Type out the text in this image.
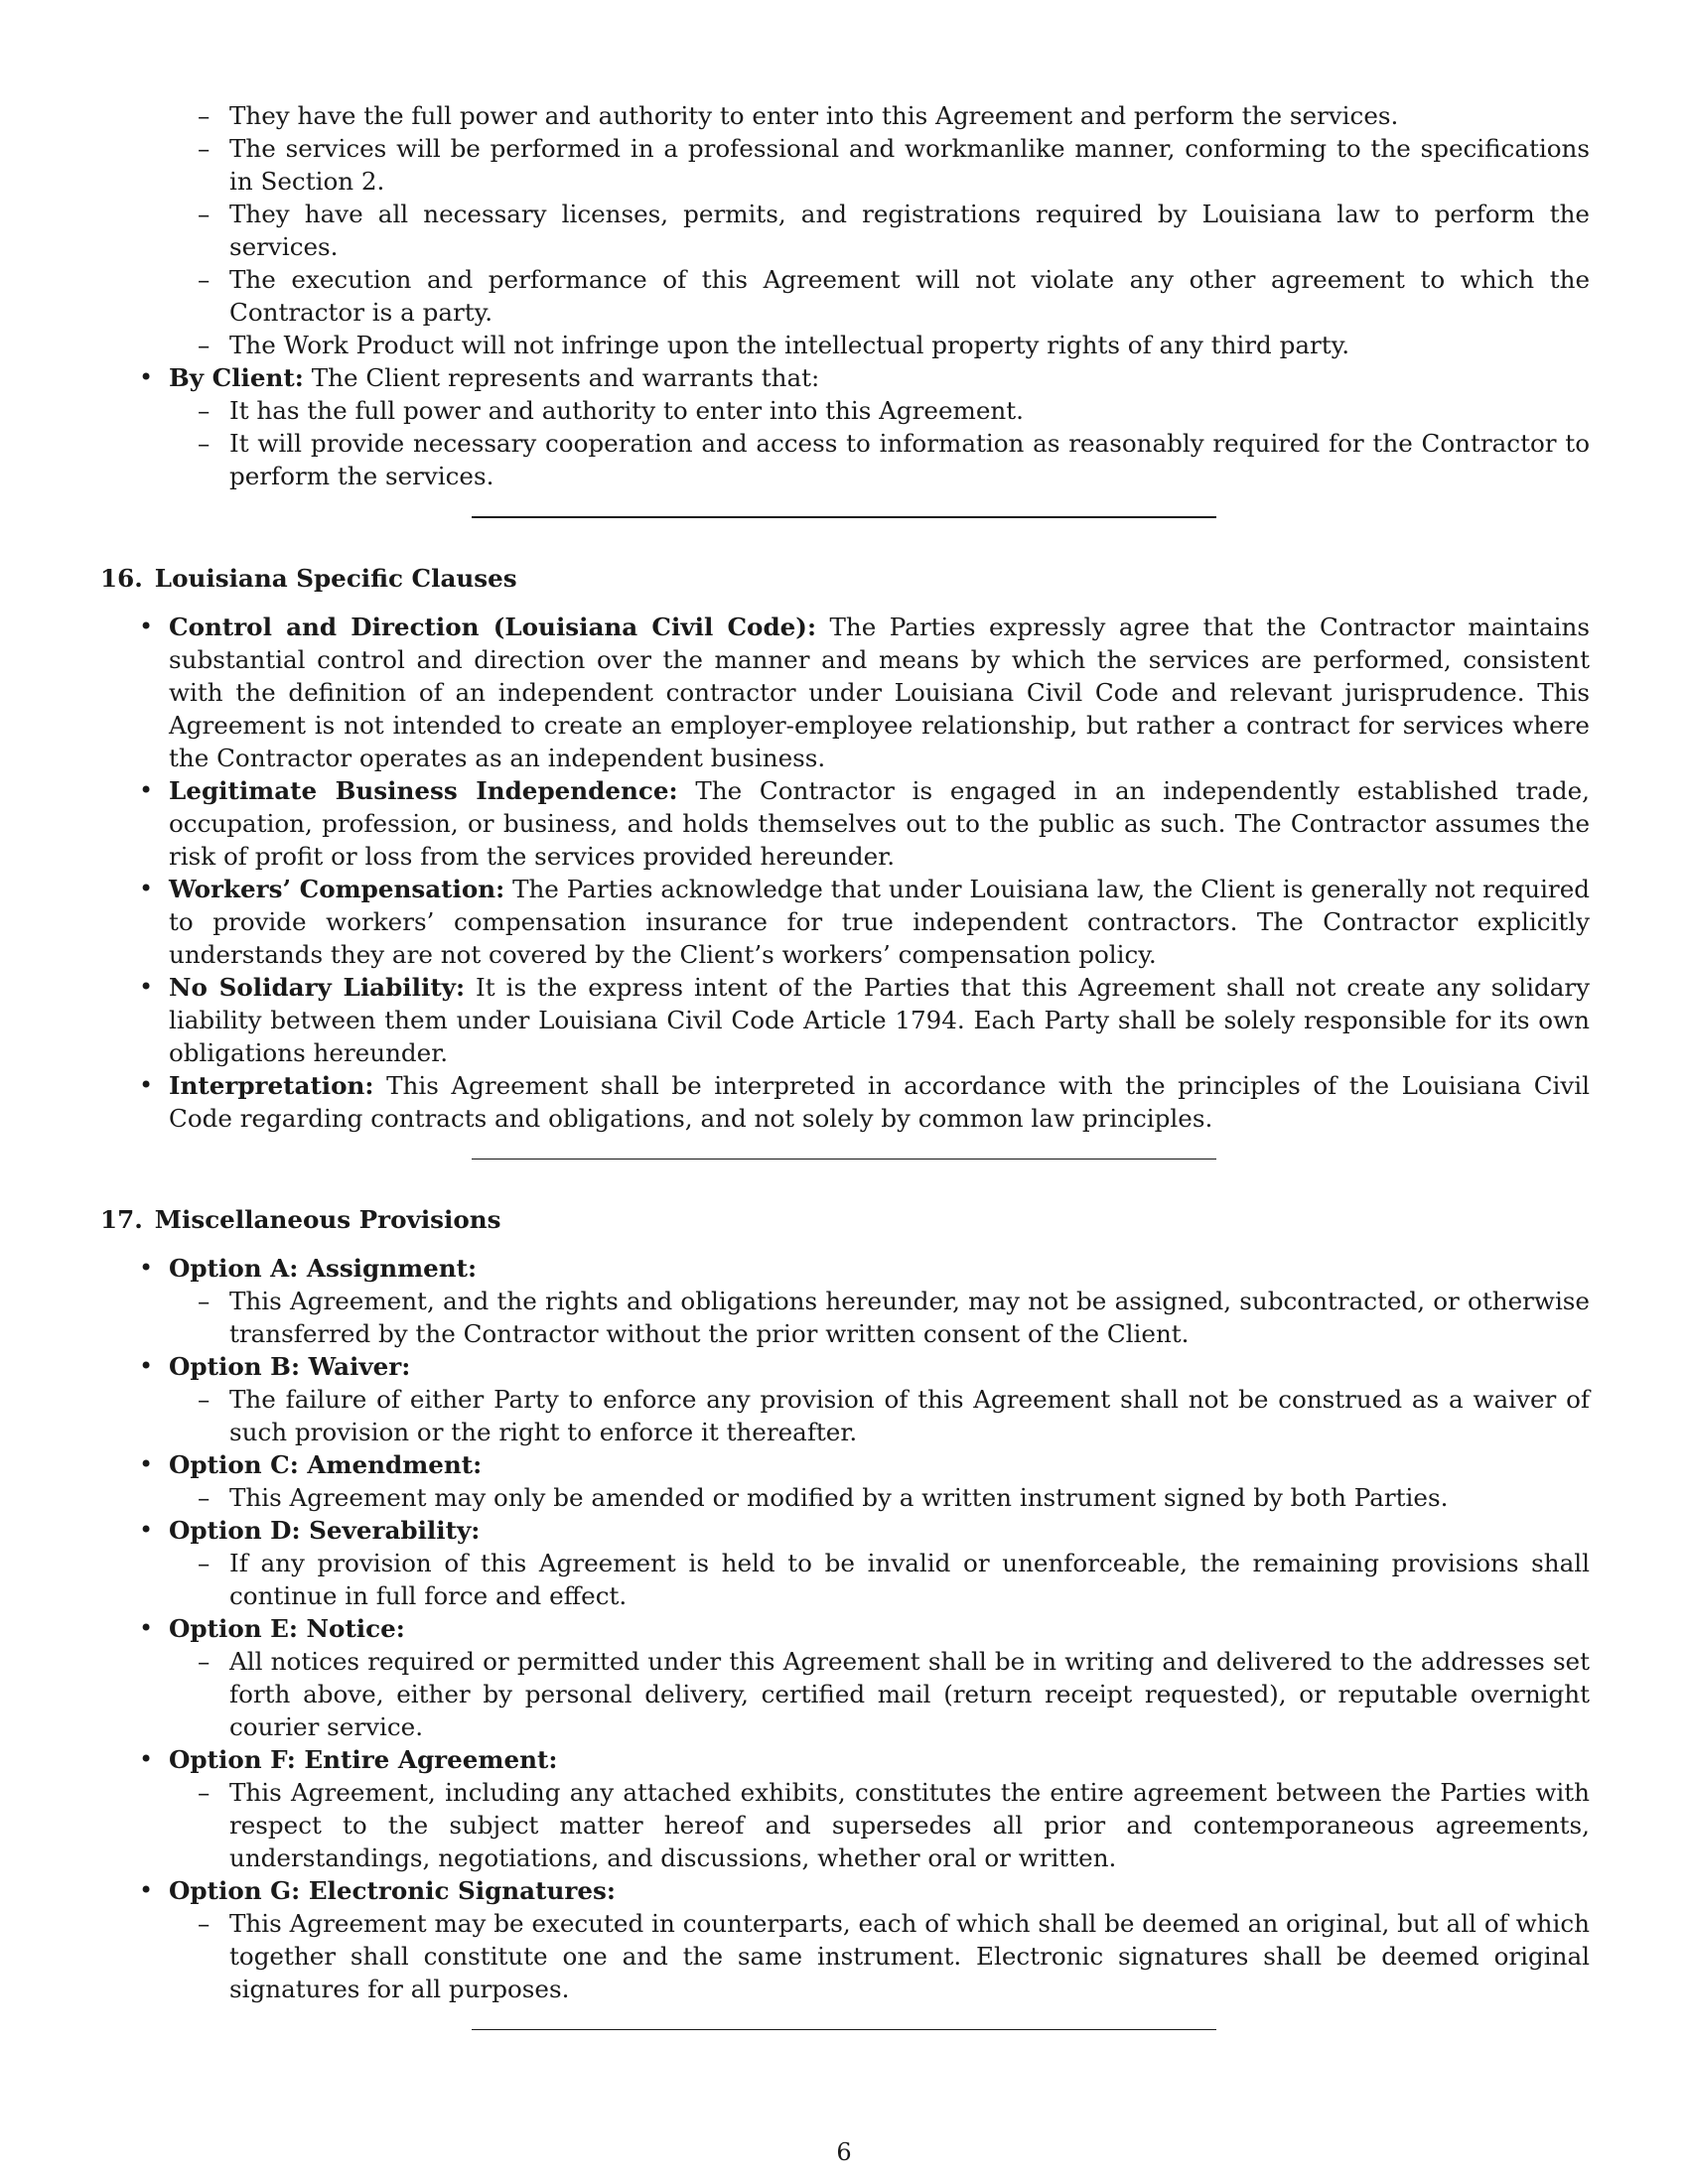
– They have the full power and authority to enter into this Agreement and perform the services.
– The services will be performed in a professional and workmanlike manner, conforming to the specifications in Section 2.
– They have all necessary licenses, permits, and registrations required by Louisiana law to perform the services.
– The execution and performance of this Agreement will not violate any other agreement to which the Contractor is a party.
– The Work Product will not infringe upon the intellectual property rights of any third party.
• By Client: The Client represents and warrants that:
– It has the full power and authority to enter into this Agreement.
– It will provide necessary cooperation and access to information as reasonably required for the Contractor to perform the services.
16. Louisiana Specific Clauses
• Control and Direction (Louisiana Civil Code): The Parties expressly agree that the Contractor maintains substantial control and direction over the manner and means by which the services are performed, consistent with the definition of an independent contractor under Louisiana Civil Code and relevant jurisprudence. This Agreement is not intended to create an employer-employee relationship, but rather a contract for services where the Contractor operates as an independent business.
• Legitimate Business Independence: The Contractor is engaged in an independently established trade, occupation, profession, or business, and holds themselves out to the public as such. The Contractor assumes the risk of profit or loss from the services provided hereunder.
• Workers’ Compensation: The Parties acknowledge that under Louisiana law, the Client is generally not required to provide workers’ compensation insurance for true independent contractors. The Contractor explicitly understands they are not covered by the Client’s workers’ compensation policy.
• No Solidary Liability: It is the express intent of the Parties that this Agreement shall not create any solidary liability between them under Louisiana Civil Code Article 1794. Each Party shall be solely responsible for its own obligations hereunder.
• Interpretation: This Agreement shall be interpreted in accordance with the principles of the Louisiana Civil Code regarding contracts and obligations, and not solely by common law principles.
17. Miscellaneous Provisions
• Option A: Assignment:
– This Agreement, and the rights and obligations hereunder, may not be assigned, subcontracted, or otherwise transferred by the Contractor without the prior written consent of the Client.
• Option B: Waiver:
– The failure of either Party to enforce any provision of this Agreement shall not be construed as a waiver of such provision or the right to enforce it thereafter.
• Option C: Amendment:
– This Agreement may only be amended or modified by a written instrument signed by both Parties.
• Option D: Severability:
– If any provision of this Agreement is held to be invalid or unenforceable, the remaining provisions shall continue in full force and effect.
• Option E: Notice:
– All notices required or permitted under this Agreement shall be in writing and delivered to the addresses set forth above, either by personal delivery, certified mail (return receipt requested), or reputable overnight courier service.
• Option F: Entire Agreement:
– This Agreement, including any attached exhibits, constitutes the entire agreement between the Parties with respect to the subject matter hereof and supersedes all prior and contemporaneous agreements, understandings, negotiations, and discussions, whether oral or written.
• Option G: Electronic Signatures:
– This Agreement may be executed in counterparts, each of which shall be deemed an original, but all of which together shall constitute one and the same instrument. Electronic signatures shall be deemed original signatures for all purposes.
6
